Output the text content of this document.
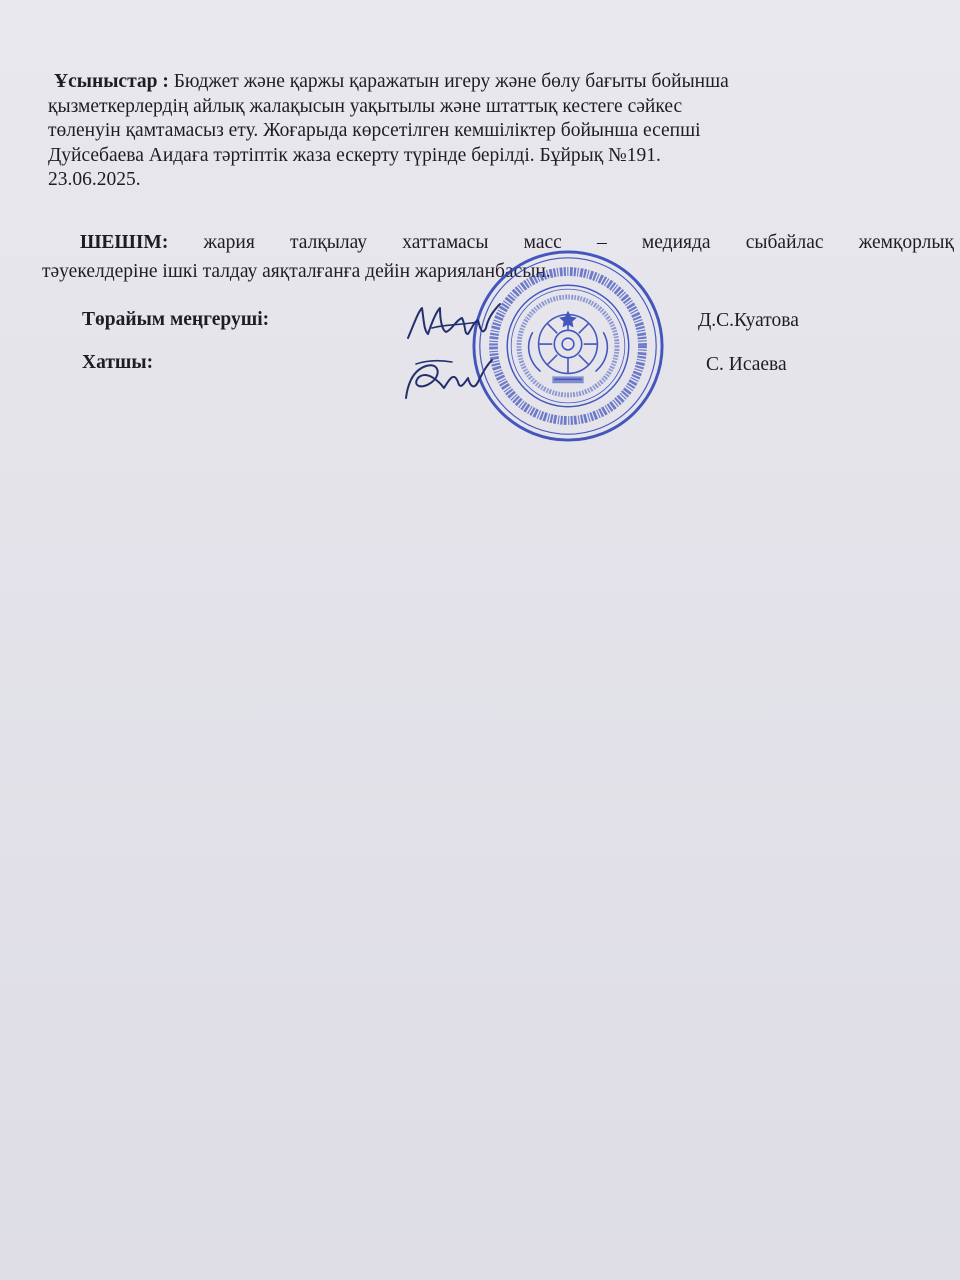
Ұсыныстар : Бюджет және қаржы қаражатын игеру және бөлу бағыты бойынша
қызметкерлердің айлық жалақысын уақытылы және штаттық кестеге сәйкес
төленуін қамтамасыз ету. Жоғарыда көрсетілген кемшіліктер бойынша есепші
Дуйсебаева Аидаға тәртіптік жаза ескерту түрінде берілді. Бұйрық №191.
23.06.2025.
ШЕШІМ: жария талқылау хаттамасы масс – медияда сыбайлас жемқорлық
тәуекелдеріне ішкі талдау аяқталғанға дейін жарияланбасын.
Төрайым меңгеруші:	Д.С.Куатова
Хатшы:	С. Исаева
